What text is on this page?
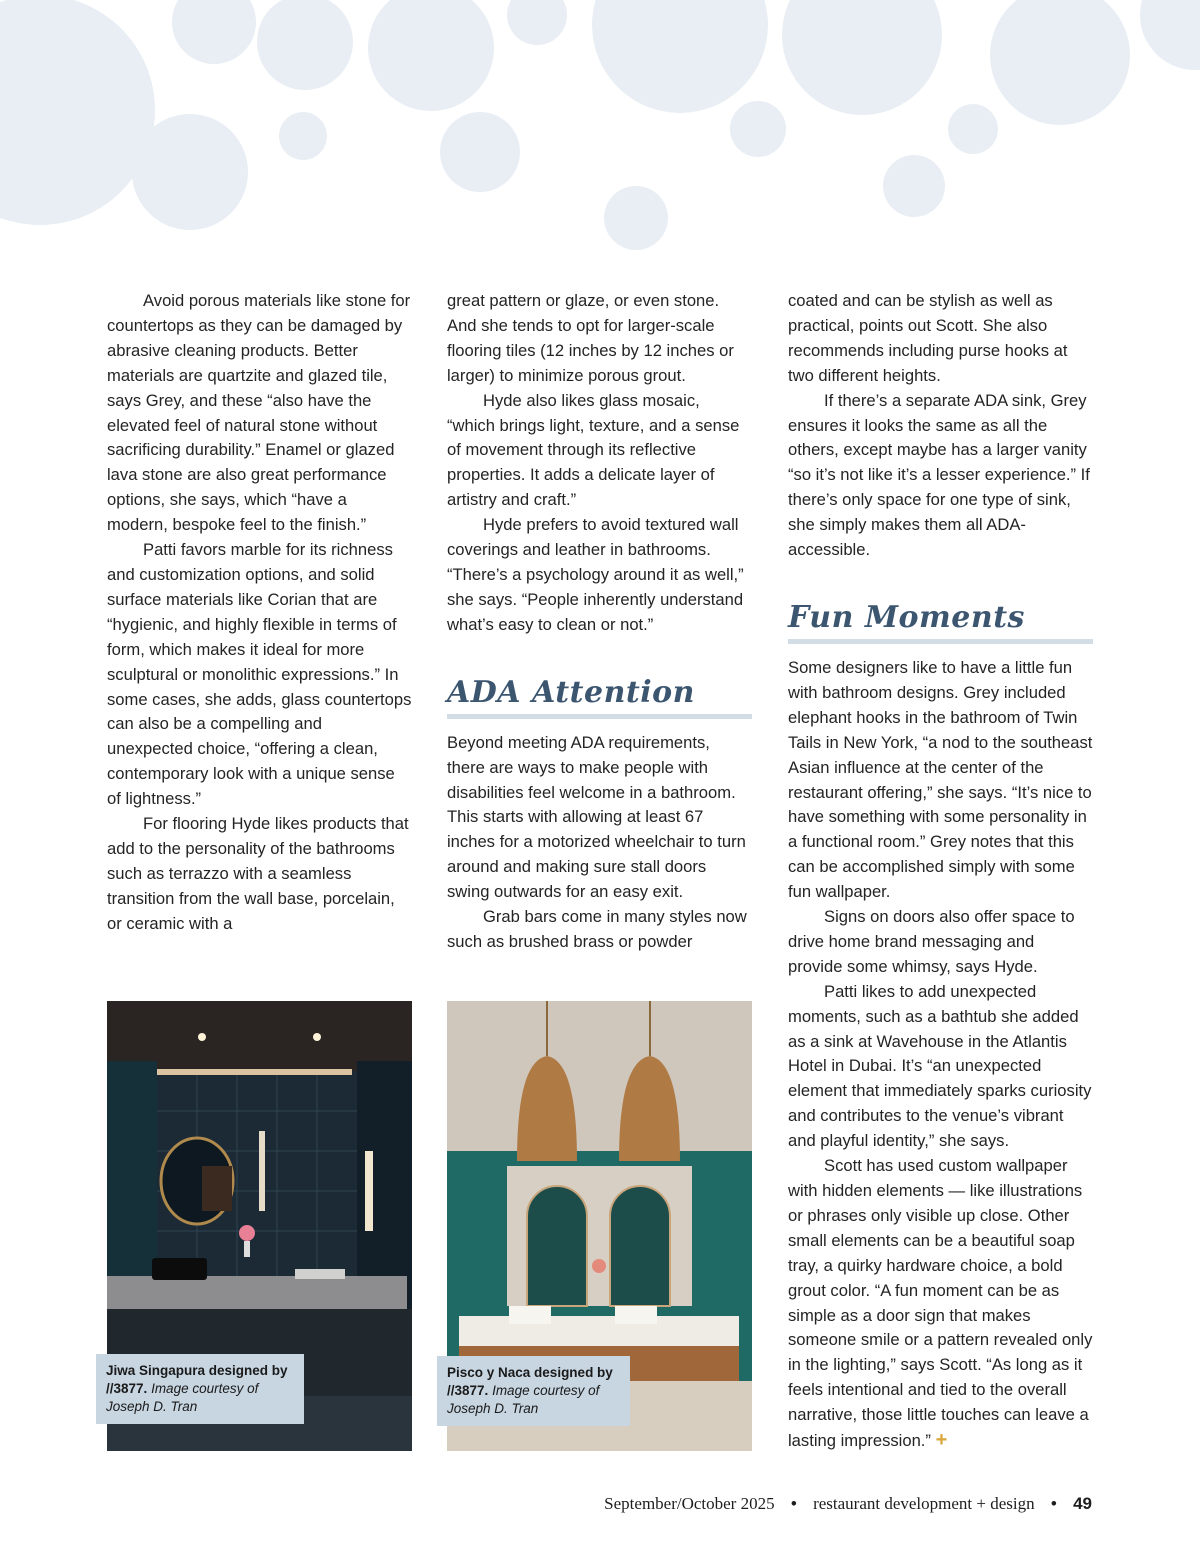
Avoid porous materials like stone for countertops as they can be damaged by abrasive cleaning products. Better materials are quartzite and glazed tile, says Grey, and these “also have the elevated feel of natural stone without sacrificing durability.” Enamel or glazed lava stone are also great performance options, she says, which “have a modern, bespoke feel to the finish.”

Patti favors marble for its richness and customization options, and solid surface materials like Corian that are “hygienic, and highly flexible in terms of form, which makes it ideal for more sculptural or monolithic expressions.” In some cases, she adds, glass countertops can also be a compelling and unexpected choice, “offering a clean, contemporary look with a unique sense of lightness.”

For flooring Hyde likes products that add to the personality of the bathrooms such as terrazzo with a seamless transition from the wall base, porcelain, or ceramic with a

great pattern or glaze, or even stone. And she tends to opt for larger-scale flooring tiles (12 inches by 12 inches or larger) to minimize porous grout.

Hyde also likes glass mosaic, “which brings light, texture, and a sense of movement through its reflective properties. It adds a delicate layer of artistry and craft.”

Hyde prefers to avoid textured wall coverings and leather in bathrooms. “There’s a psychology around it as well,” she says. “People inherently understand what’s easy to clean or not.”

ADA Attention

Beyond meeting ADA requirements, there are ways to make people with disabilities feel welcome in a bathroom. This starts with allowing at least 67 inches for a motorized wheelchair to turn around and making sure stall doors swing outwards for an easy exit.

Grab bars come in many styles now such as brushed brass or powder

coated and can be stylish as well as practical, points out Scott. She also recommends including purse hooks at two different heights.

If there’s a separate ADA sink, Grey ensures it looks the same as all the others, except maybe has a larger vanity “so it’s not like it’s a lesser experience.” If there’s only space for one type of sink, she simply makes them all ADA-accessible.

Fun Moments

Some designers like to have a little fun with bathroom designs. Grey included elephant hooks in the bathroom of Twin Tails in New York, “a nod to the southeast Asian influence at the center of the restaurant offering,” she says. “It’s nice to have something with some personality in a functional room.” Grey notes that this can be accomplished simply with some fun wallpaper.

Signs on doors also offer space to drive home brand messaging and provide some whimsy, says Hyde.

Patti likes to add unexpected moments, such as a bathtub she added as a sink at Wavehouse in the Atlantis Hotel in Dubai. It’s “an unexpected element that immediately sparks curiosity and contributes to the venue’s vibrant and playful identity,” she says.

Scott has used custom wallpaper with hidden elements — like illustrations or phrases only visible up close. Other small elements can be a beautiful soap tray, a quirky hardware choice, a bold grout color. “A fun moment can be as simple as a door sign that makes someone smile or a pattern revealed only in the lighting,” says Scott. “As long as it feels intentional and tied to the overall narrative, those little touches can leave a lasting impression.” +

Jiwa Singapura designed by //3877. Image courtesy of Joseph D. Tran
Pisco y Naca designed by //3877. Image courtesy of Joseph D. Tran
September/October 2025 • restaurant development + design • 49
